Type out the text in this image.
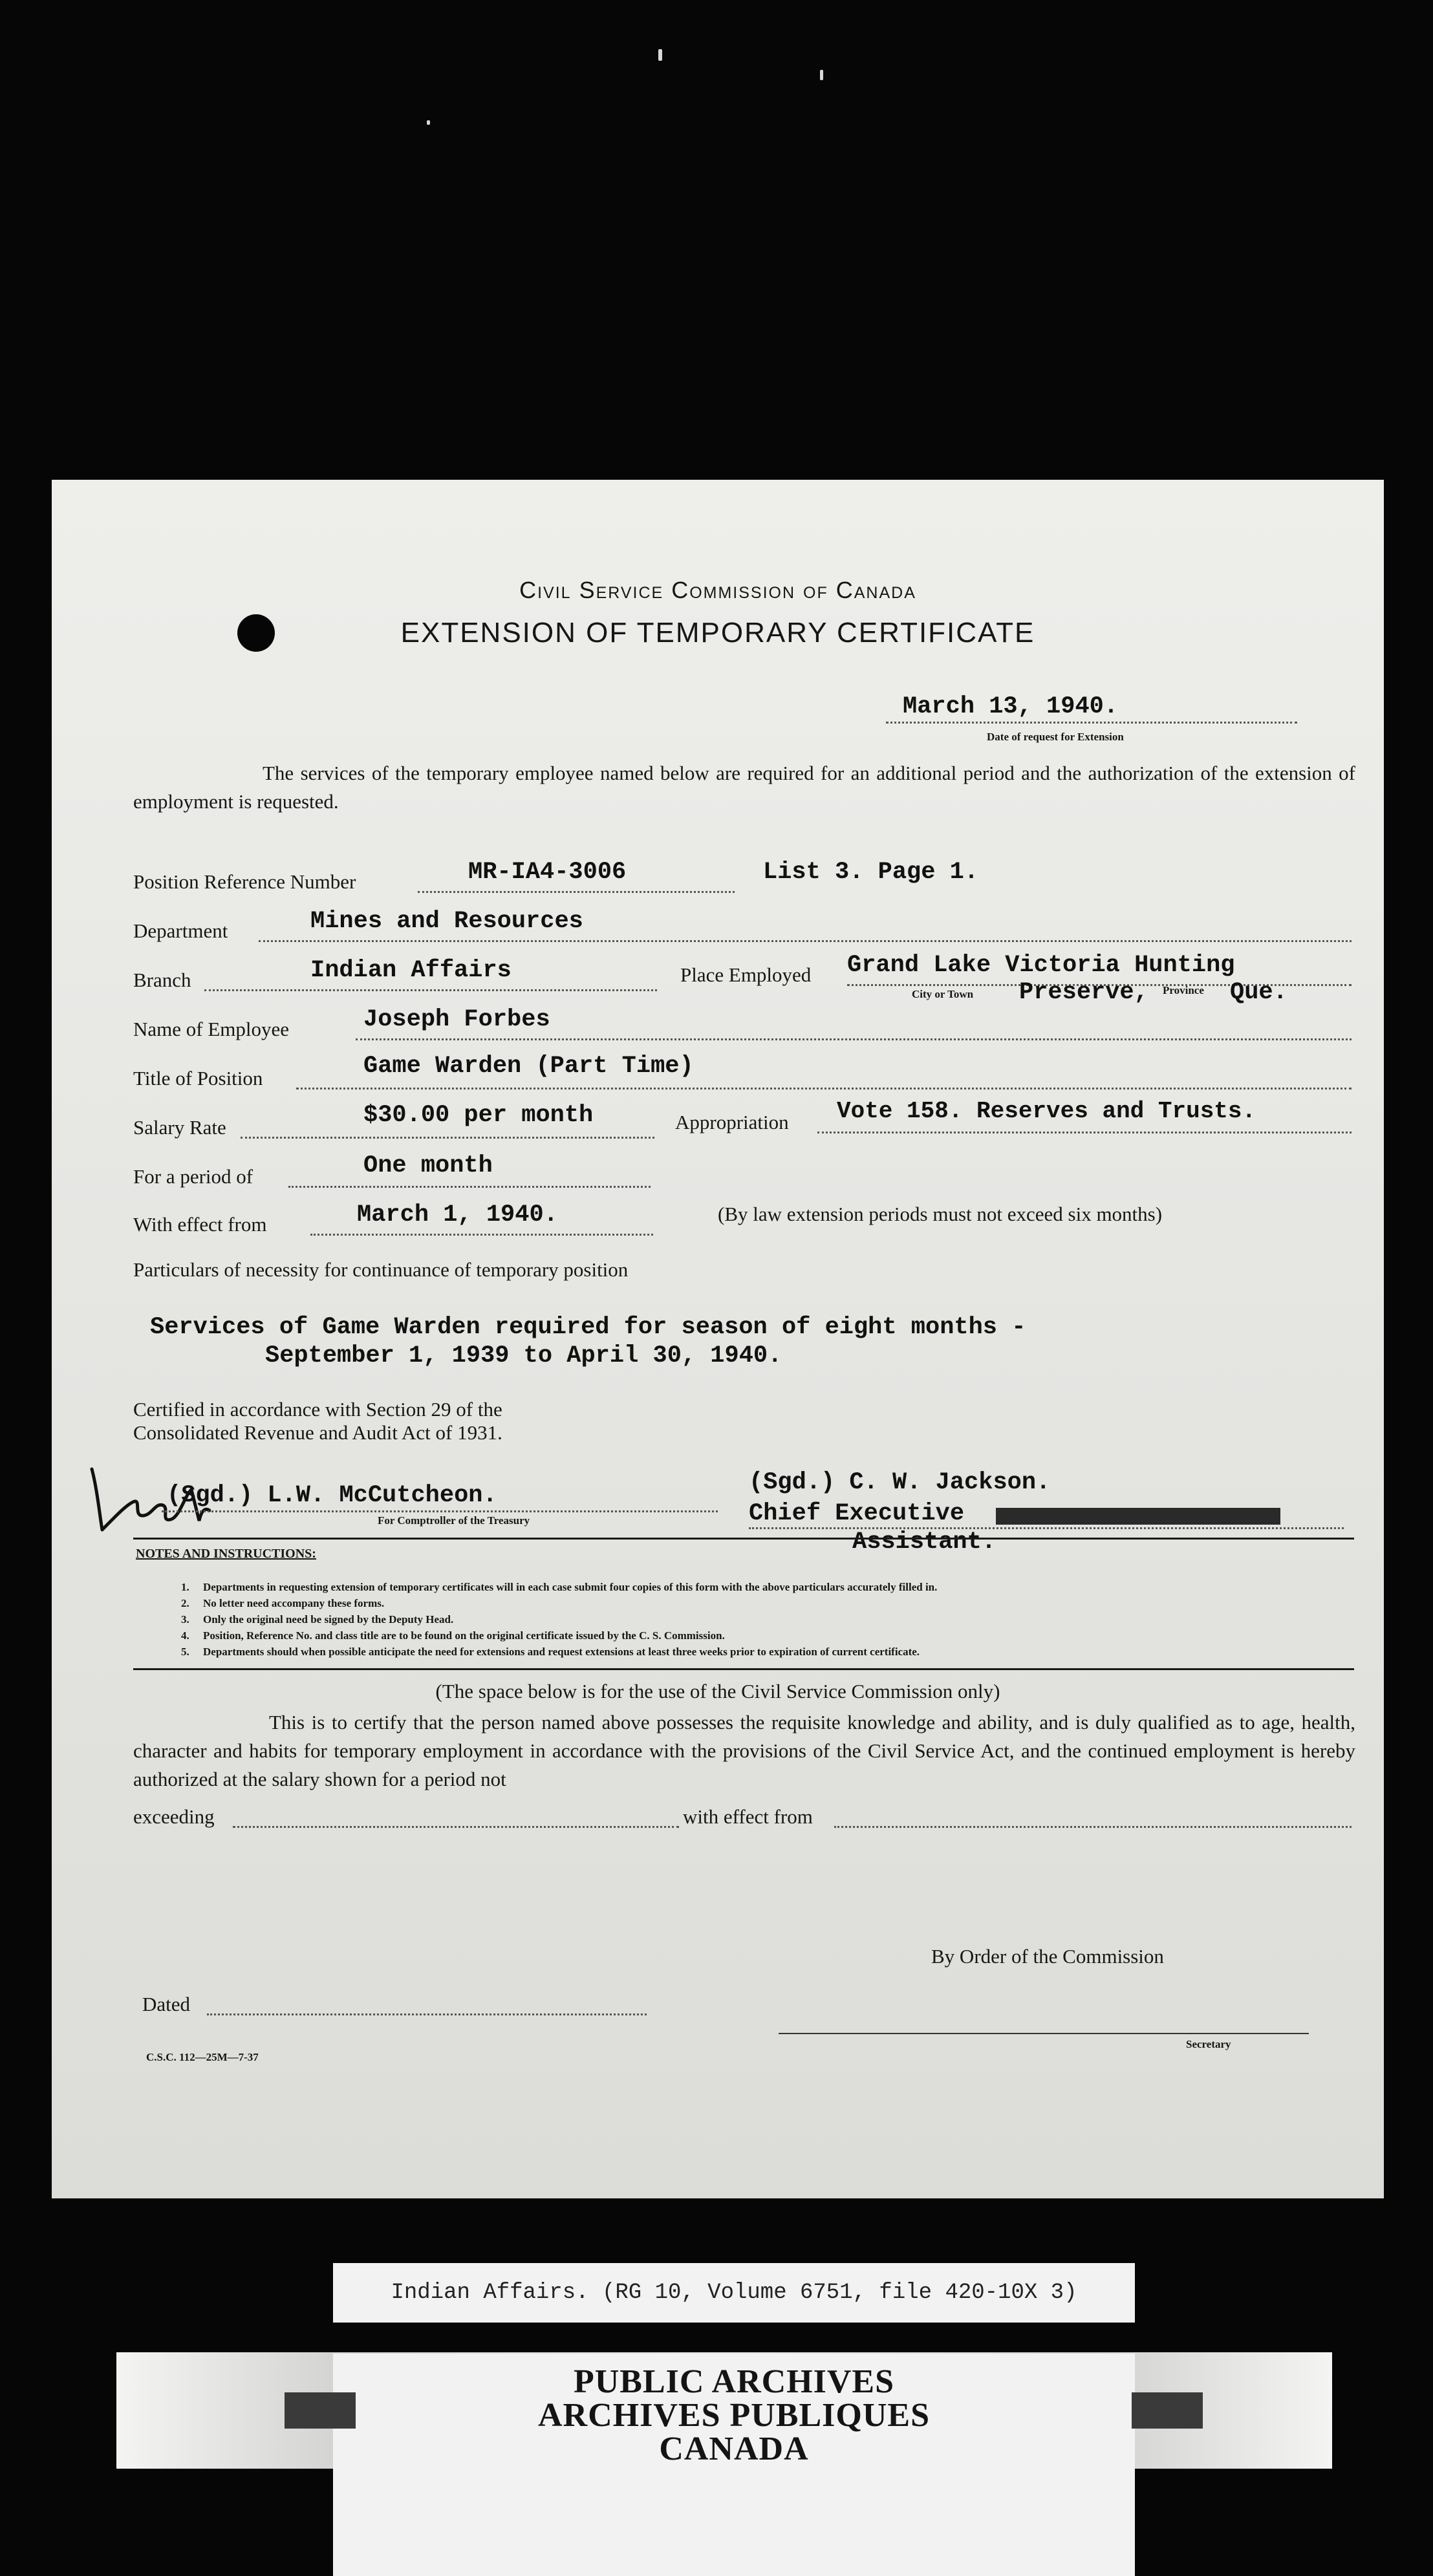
Civil Service Commission of Canada
EXTENSION OF TEMPORARY CERTIFICATE
March 13, 1940.
Date of request for Extension
The services of the temporary employee named below are required for an additional period and the authorization of the extension of employment is requested.
Position Reference Number	MR-IA4-3006	List 3. Page 1.
Department	Mines and Resources
Branch	Indian Affairs	Place Employed Grand Lake Victoria Hunting
City or Town Preserve, Province Que.
Name of Employee	Joseph Forbes
Title of Position	Game Warden (Part Time)
Salary Rate	$30.00 per month	Appropriation Vote 158. Reserves and Trusts.
For a period of	One month
With effect from	March 1, 1940.	(By law extension periods must not exceed six months)
Particulars of necessity for continuance of temporary position
Services of Game Warden required for season of eight months -
September 1, 1939 to April 30, 1940.
Certified in accordance with Section 29 of the
Consolidated Revenue and Audit Act of 1931.
(Sgd.) L.W. McCutcheon.
For Comptroller of the Treasury
(Sgd.) C. W. Jackson.
Chief Executive
Assistant.
NOTES AND INSTRUCTIONS:
1. Departments in requesting extension of temporary certificates will in each case submit four copies of this form with the above particulars accurately filled in.
2. No letter need accompany these forms.
3. Only the original need be signed by the Deputy Head.
4. Position, Reference No. and class title are to be found on the original certificate issued by the C. S. Commission.
5. Departments should when possible anticipate the need for extensions and request extensions at least three weeks prior to expiration of current certificate.
(The space below is for the use of the Civil Service Commission only)
This is to certify that the person named above possesses the requisite knowledge and ability, and is duly qualified as to age, health, character and habits for temporary employment in accordance with the provisions of the Civil Service Act, and the continued employment is hereby authorized at the salary shown for a period not
exceeding	with effect from
By Order of the Commission
Dated
Secretary
C.S.C. 112—25M—7-37
Indian Affairs. (RG 10, Volume 6751, file 420-10X 3)
PUBLIC ARCHIVES
ARCHIVES PUBLIQUES
CANADA
